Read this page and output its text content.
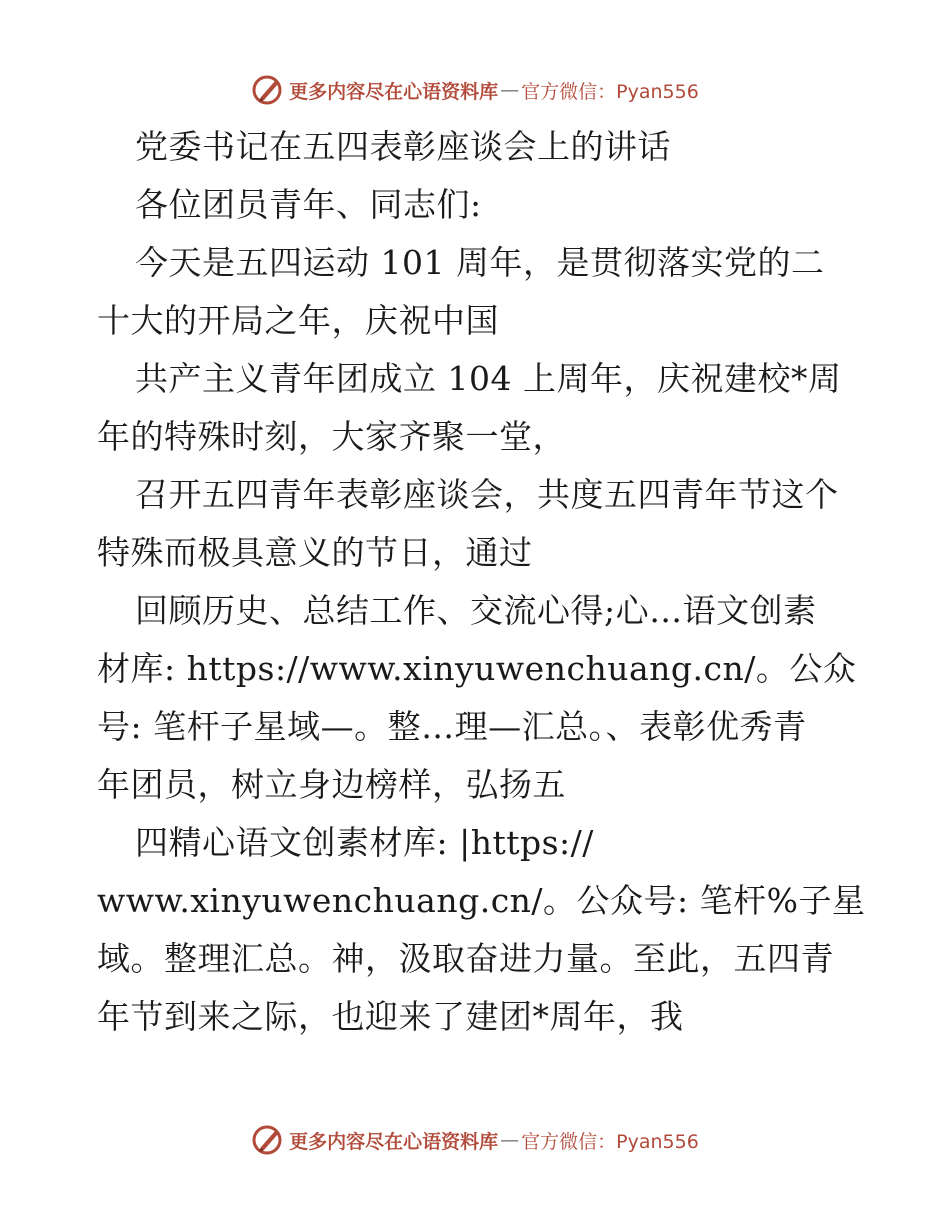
更多内容尽在心语资料库 — 官方微信：Pyan556
党委书记在五四表彰座谈会上的讲话
各位团员青年、同志们:
今天是五四运动 101 周年，是贯彻落实党的二
十大的开局之年，庆祝中国
共产主义青年团成立 104 上周年，庆祝建校*周
年的特殊时刻，大家齐聚一堂，
召开五四青年表彰座谈会，共度五四青年节这个
特殊而极具意义的节日，通过
回顾历史、总结工作、交流心得;心…语文创素
材库: https://www.xinyuwenchuang.cn/。公众
号: 笔杆子星域—。整…理—汇总。、表彰优秀青
年团员，树立身边榜样，弘扬五
四精心语文创素材库: |https://
www.xinyuwenchuang.cn/。公众号: 笔杆%子星
域。整理汇总。神，汲取奋进力量。至此，五四青
年节到来之际，也迎来了建团*周年，我
更多内容尽在心语资料库 — 官方微信：Pyan556
